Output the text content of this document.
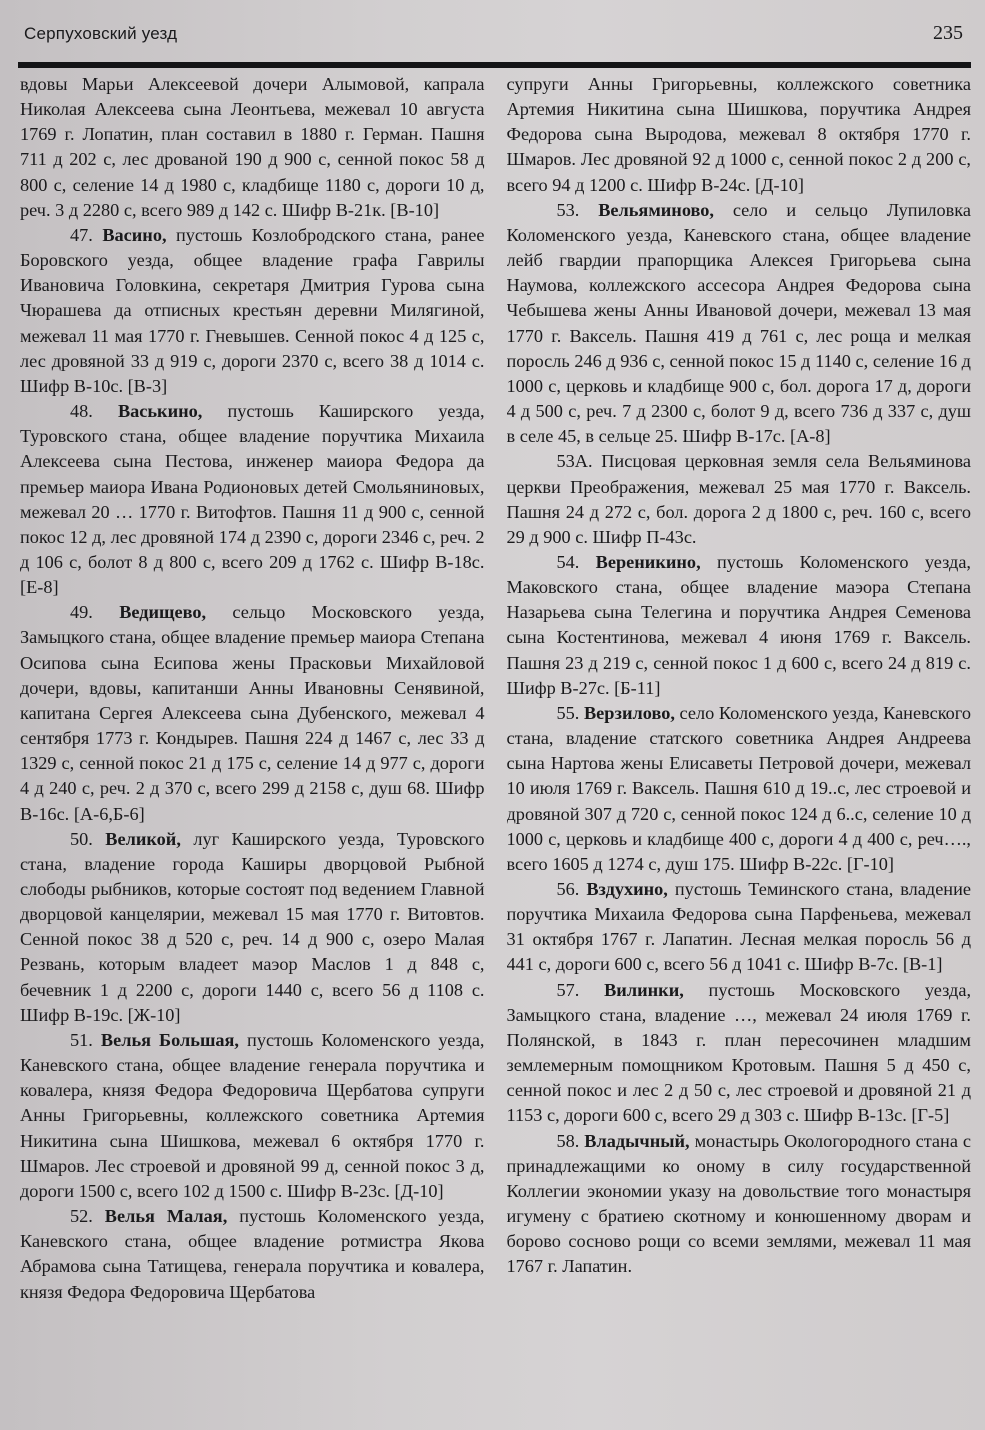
Серпуховский уезд	235

вдовы Марьи Алексеевой дочери Алымовой, капрала Николая Алексеева сына Леонтьева, межевал 10 августа 1769 г. Лопатин, план составил в 1880 г. Герман. Пашня 711 д 202 с, лес дрованой 190 д 900 с, сенной покос 58 д 800 с, селение 14 д 1980 с, кладбище 1180 с, дороги 10 д, реч. 3 д 2280 с, всего 989 д 142 с. Шифр В-21к. [В-10]

47. Васино, пустошь Козлобродского стана, ранее Боровского уезда, общее владение графа Гаврилы Ивановича Головкина, секретаря Дмитрия Гурова сына Чюрашева да отписных крестьян деревни Милягиной, межевал 11 мая 1770 г. Гневышев. Сенной покос 4 д 125 с, лес дровяной 33 д 919 с, дороги 2370 с, всего 38 д 1014 с. Шифр В-10с. [В-3]

48. Васькино, пустошь Каширского уезда, Туровского стана, общее владение поручтика Михаила Алексеева сына Пестова, инженер маиора Федора да премьер маиора Ивана Родионовых детей Смольяниновых, межевал 20 … 1770 г. Витофтов. Пашня 11 д 900 с, сенной покос 12 д, лес дровяной 174 д 2390 с, дороги 2346 с, реч. 2 д 106 с, болот 8 д 800 с, всего 209 д 1762 с. Шифр В-18с. [Е-8]

49. Ведищево, сельцо Московского уезда, Замыцкого стана, общее владение премьер маиора Степана Осипова сына Есипова жены Прасковьи Михайловой дочери, вдовы, капитанши Анны Ивановны Сенявиной, капитана Сергея Алексеева сына Дубенского, межевал 4 сентября 1773 г. Кондырев. Пашня 224 д 1467 с, лес 33 д 1329 с, сенной покос 21 д 175 с, селение 14 д 977 с, дороги 4 д 240 с, реч. 2 д 370 с, всего 299 д 2158 с, душ 68. Шифр В-16с. [А-6,Б-6]

50. Великой, луг Каширского уезда, Туровского стана, владение города Каширы дворцовой Рыбной слободы рыбников, которые состоят под ведением Главной дворцовой канцелярии, межевал 15 мая 1770 г. Витовтов. Сенной покос 38 д 520 с, реч. 14 д 900 с, озеро Малая Резвань, которым владеет маэор Маслов 1 д 848 с, бечевник 1 д 2200 с, дороги 1440 с, всего 56 д 1108 с. Шифр В-19с. [Ж-10]

51. Велья Большая, пустошь Коломенского уезда, Каневского стана, общее владение генерала поручтика и ковалера, князя Федора Федоровича Щербатова супруги Анны Григорьевны, коллежского советника Артемия Никитина сына Шишкова, межевал 6 октября 1770 г. Шмаров. Лес строевой и дровяной 99 д, сенной покос 3 д, дороги 1500 с, всего 102 д 1500 с. Шифр В-23с. [Д-10]

52. Велья Малая, пустошь Коломенского уезда, Каневского стана, общее владение ротмистра Якова Абрамова сына Татищева, генерала поручтика и ковалера, князя Федора Федоровича Щербатова

супруги Анны Григорьевны, коллежского советника Артемия Никитина сына Шишкова, поручтика Андрея Федорова сына Выродова, межевал 8 октября 1770 г. Шмаров. Лес дровяной 92 д 1000 с, сенной покос 2 д 200 с, всего 94 д 1200 с. Шифр В-24с. [Д-10]

53. Вельяминово, село и сельцо Лупиловка Коломенского уезда, Каневского стана, общее владение лейб гвардии прапорщика Алексея Григорьева сына Наумова, коллежского ассесора Андрея Федорова сына Чебышева жены Анны Ивановой дочери, межевал 13 мая 1770 г. Ваксель. Пашня 419 д 761 с, лес роща и мелкая поросль 246 д 936 с, сенной покос 15 д 1140 с, селение 16 д 1000 с, церковь и кладбище 900 с, бол. дорога 17 д, дороги 4 д 500 с, реч. 7 д 2300 с, болот 9 д, всего 736 д 337 с, душ в селе 45, в сельце 25. Шифр В-17с. [А-8]

53А. Писцовая церковная земля села Вельяминова церкви Преображения, межевал 25 мая 1770 г. Ваксель. Пашня 24 д 272 с, бол. дорога 2 д 1800 с, реч. 160 с, всего 29 д 900 с. Шифр П-43с.

54. Вереникино, пустошь Коломенского уезда, Маковского стана, общее владение маэора Степана Назарьева сына Телегина и поручтика Андрея Семенова сына Костентинова, межевал 4 июня 1769 г. Ваксель. Пашня 23 д 219 с, сенной покос 1 д 600 с, всего 24 д 819 с. Шифр В-27с. [Б-11]

55. Верзилово, село Коломенского уезда, Каневского стана, владение статского советника Андрея Андреева сына Нартова жены Елисаветы Петровой дочери, межевал 10 июля 1769 г. Ваксель. Пашня 610 д 19..с, лес строевой и дровяной 307 д 720 с, сенной покос 124 д 6..с, селение 10 д 1000 с, церковь и кладбище 400 с, дороги 4 д 400 с, реч…., всего 1605 д 1274 с, душ 175. Шифр В-22с. [Г-10]

56. Вздухино, пустошь Теминского стана, владение поручтика Михаила Федорова сына Парфеньева, межевал 31 октября 1767 г. Лапатин. Лесная мелкая поросль 56 д 441 с, дороги 600 с, всего 56 д 1041 с. Шифр В-7с. [В-1]

57. Вилинки, пустошь Московского уезда, Замыцкого стана, владение …, межевал 24 июля 1769 г. Полянской, в 1843 г. план пересочинен младшим землемерным помощником Кротовым. Пашня 5 д 450 с, сенной покос и лес 2 д 50 с, лес строевой и дровяной 21 д 1153 с, дороги 600 с, всего 29 д 303 с. Шифр В-13с. [Г-5]

58. Владычный, монастырь Окологородного стана с принадлежащими ко оному в силу государственной Коллегии экономии указу на довольствие того монастыря игумену с братиею скотному и конюшенному дворам и борово сосново рощи со всеми землями, межевал 11 мая 1767 г. Лапатин.
